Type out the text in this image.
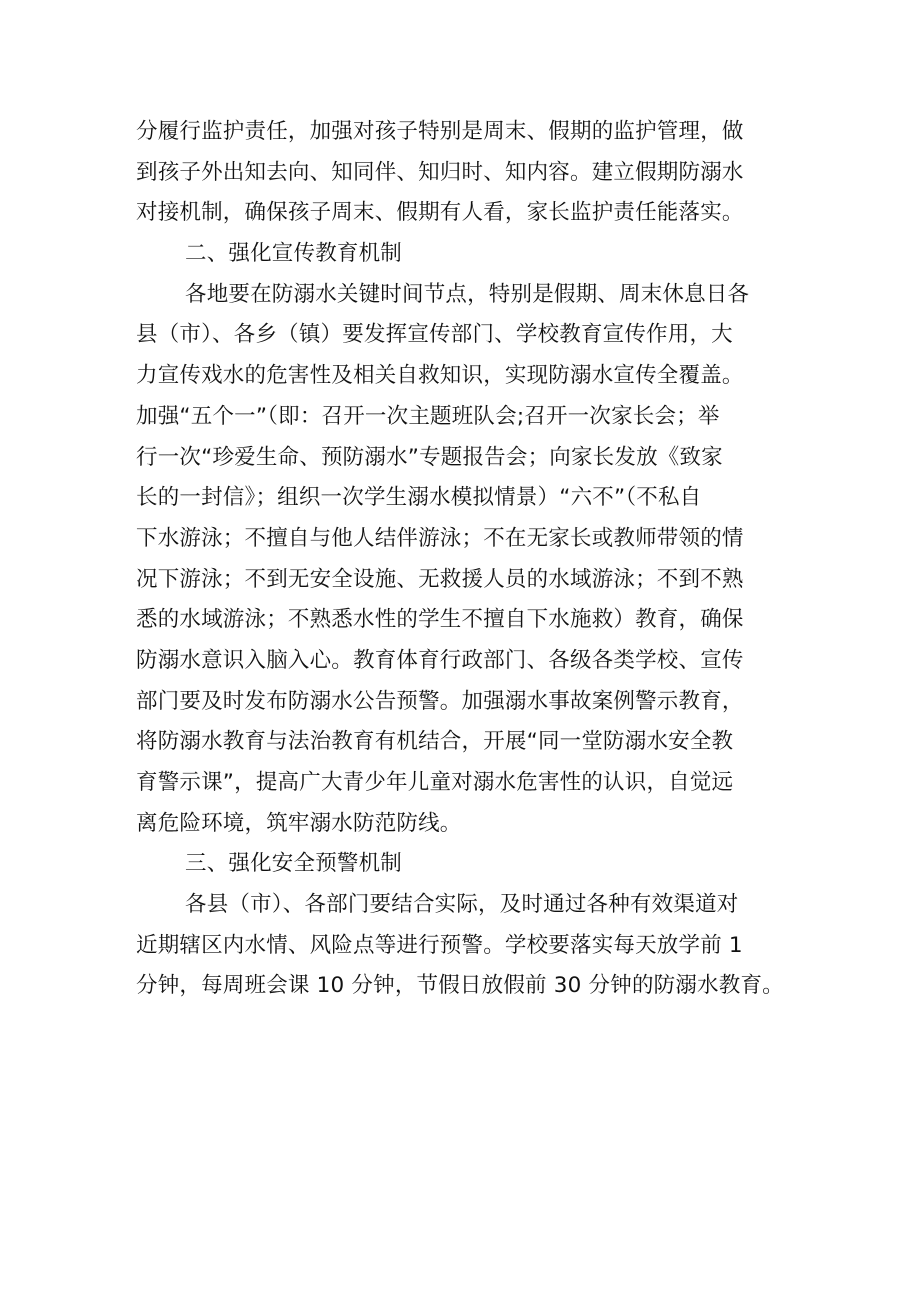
分履行监护责任，加强对孩子特别是周末、假期的监护管理，做
到孩子外出知去向、知同伴、知归时、知内容。建立假期防溺水
对接机制，确保孩子周末、假期有人看，家长监护责任能落实。
二、强化宣传教育机制
各地要在防溺水关键时间节点，特别是假期、周末休息日各
县（市）、各乡（镇）要发挥宣传部门、学校教育宣传作用，大
力宣传戏水的危害性及相关自救知识，实现防溺水宣传全覆盖。
加强“五个一”（即：召开一次主题班队会;召开一次家长会；举
行一次“珍爱生命、预防溺水”专题报告会；向家长发放《致家
长的一封信》；组织一次学生溺水模拟情景）“六不”（不私自
下水游泳；不擅自与他人结伴游泳；不在无家长或教师带领的情
况下游泳；不到无安全设施、无救援人员的水域游泳；不到不熟
悉的水域游泳；不熟悉水性的学生不擅自下水施救）教育，确保
防溺水意识入脑入心。教育体育行政部门、各级各类学校、宣传
部门要及时发布防溺水公告预警。加强溺水事故案例警示教育，
将防溺水教育与法治教育有机结合，开展“同一堂防溺水安全教
育警示课”，提高广大青少年儿童对溺水危害性的认识，自觉远
离危险环境，筑牢溺水防范防线。
三、强化安全预警机制
各县（市）、各部门要结合实际，及时通过各种有效渠道对
近期辖区内水情、风险点等进行预警。学校要落实每天放学前 1
分钟，每周班会课 10 分钟，节假日放假前 30 分钟的防溺水教育。
